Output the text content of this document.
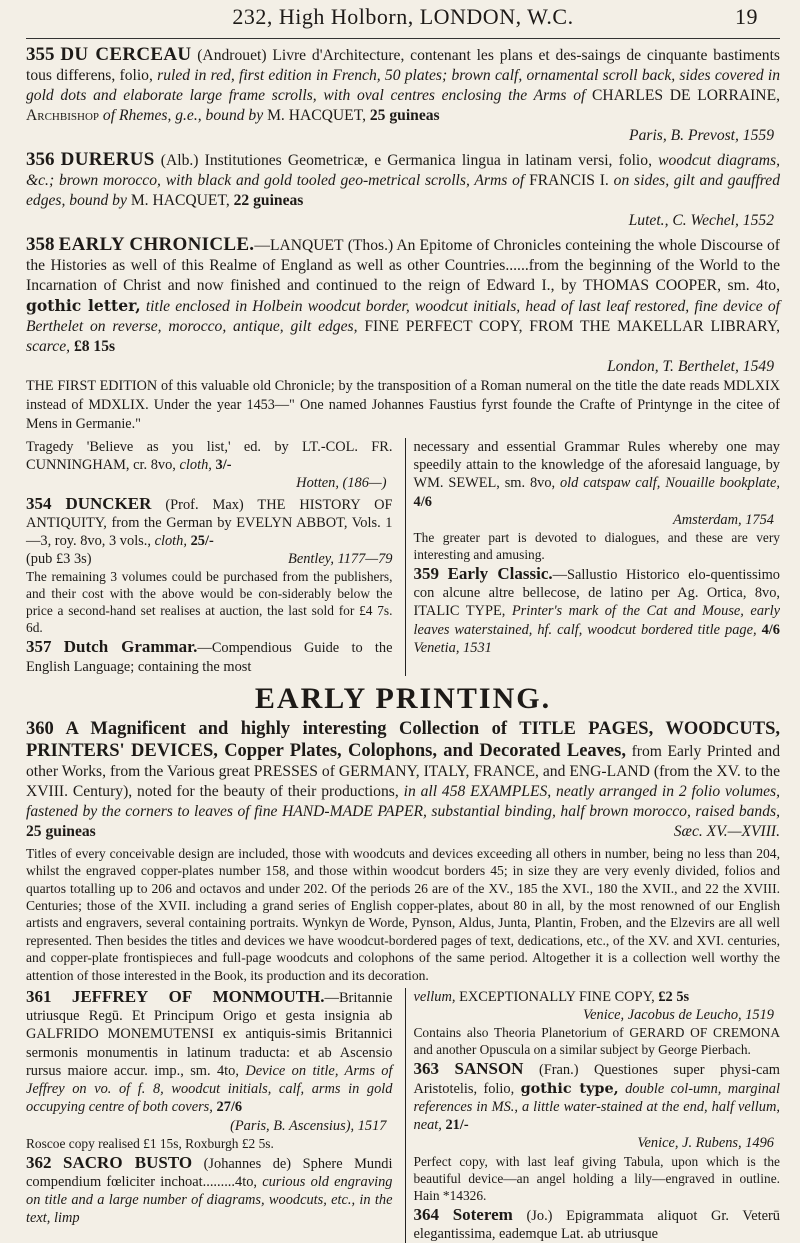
232, High Holborn, LONDON, W.C.	19

355 DU CERCEAU (Androuet) Livre d'Architecture, contenant les plans et des-saings de cinquante bastiments tous differens, folio, ruled in red, first edition in French, 50 plates; brown calf, ornamental scroll back, sides covered in gold dots and elaborate large frame scrolls, with oval centres enclosing the Arms of CHARLES DE LORRAINE, Archbishop of Rhemes, g.e., bound by M. HACQUET, 25 guineas
Paris, B. Prevost, 1559

356 DURERUS (Alb.) Institutiones Geometricæ, e Germanica lingua in latinam versi, folio, woodcut diagrams, &c.; brown morocco, with black and gold tooled geo-metrical scrolls, Arms of FRANCIS I. on sides, gilt and gauffred edges, bound by M. HACQUET, 22 guineas
Lutet., C. Wechel, 1552

358 EARLY CHRONICLE.—LANQUET (Thos.) An Epitome of Chronicles conteining the whole Discourse of the Histories as well of this Realme of England as well as other Countries......from the beginning of the World to the Incarnation of Christ and now finished and continued to the reign of Edward I., by THOMAS COOPER, sm. 4to, gothic letter, title enclosed in Holbein woodcut border, woodcut initials, head of last leaf restored, fine device of Berthelet on reverse, morocco, antique, gilt edges, FINE PERFECT COPY, FROM THE MAKELLAR LIBRARY, scarce, £8 15s
London, T. Berthelet, 1549

THE FIRST EDITION of this valuable old Chronicle; by the transposition of a Roman numeral on the title the date reads MDLXIX instead of MDXLIX. Under the year 1453—" One named Johannes Faustius fyrst founde the Crafte of Printynge in the citee of Mens in Germanie."

Tragedy 'Believe as you list,' ed. by LT.-COL. FR. CUNNINGHAM, cr. 8vo, cloth, 3/-
Hotten, (186—)

354 DUNCKER (Prof. Max) THE HISTORY OF ANTIQUITY, from the German by EVELYN ABBOT, Vols. 1—3, roy. 8vo, 3 vols., cloth, 25/-
(pub £3 3s)	Bentley, 1177—79

The remaining 3 volumes could be purchased from the publishers, and their cost with the above would be con-siderably below the price a second-hand set realises at auction, the last sold for £4 7s. 6d.

357 Dutch Grammar.—Compendious Guide to the English Language; containing the most

necessary and essential Grammar Rules whereby one may speedily attain to the knowledge of the aforesaid language, by WM. SEWEL, sm. 8vo, old catspaw calf, Nouaille bookplate, 4/6
Amsterdam, 1754

The greater part is devoted to dialogues, and these are very interesting and amusing.

359 Early Classic.—Sallustio Historico elo-quentissimo con alcune altre bellecose, de latino per Ag. Ortica, 8vo, ITALIC TYPE, Printer's mark of the Cat and Mouse, early leaves waterstained, hf. calf, woodcut bordered title page, 4/6 Venetia, 1531

EARLY PRINTING.

360 A Magnificent and highly interesting Collection of TITLE PAGES, WOODCUTS, PRINTERS' DEVICES, Copper Plates, Colophons, and Decorated Leaves, from Early Printed and other Works, from the Various great PRESSES of GERMANY, ITALY, FRANCE, and ENG-LAND (from the XV. to the XVIII. Century), noted for the beauty of their productions, in all 458 EXAMPLES, neatly arranged in 2 folio volumes, fastened by the corners to leaves of fine HAND-MADE PAPER, substantial binding, half brown morocco, raised bands, 25 guineas	Sæc. XV.—XVIII.

Titles of every conceivable design are included, those with woodcuts and devices exceeding all others in number, being no less than 204, whilst the engraved copper-plates number 158, and those within woodcut borders 45; in size they are very evenly divided, folios and quartos totalling up to 206 and octavos and under 202. Of the periods 26 are of the XV., 185 the XVI., 180 the XVII., and 22 the XVIII. Centuries; those of the XVII. including a grand series of English copper-plates, about 80 in all, by the most renowned of our English artists and engravers, several containing portraits. Wynkyn de Worde, Pynson, Aldus, Junta, Plantin, Froben, and the Elzevirs are all well represented. Then besides the titles and devices we have woodcut-bordered pages of text, dedications, etc., of the XV. and XVI. centuries, and copper-plate frontispieces and full-page woodcuts and colophons of the same period. Altogether it is a collection well worthy the attention of those interested in the Book, its production and its decoration.

361 JEFFREY OF MONMOUTH.—Britannie utriusque Regū. Et Principum Origo et gesta insignia ab GALFRIDO MONEMUTENSI ex antiquis-simis Britannici sermonis monumentis in latinum traducta: et ab Ascensio rursus maiore accur. imp., sm. 4to, Device on title, Arms of Jeffrey on vo. of f. 8, woodcut initials, calf, arms in gold occupying centre of both covers, 27/6
(Paris, B. Ascensius), 1517

Roscoe copy realised £1 15s, Roxburgh £2 5s.

362 SACRO BUSTO (Johannes de) Sphere Mundi compendium fœliciter inchoat.........4to, curious old engraving on title and a large number of diagrams, woodcuts, etc., in the text, limp

vellum, EXCEPTIONALLY FINE COPY, £2 5s
Venice, Jacobus de Leucho, 1519

Contains also Theoria Planetorium of GERARD OF CREMONA and another Opuscula on a similar subject by George Pierbach.

363 SANSON (Fran.) Questiones super physi-cam Aristotelis, folio, gothic type, double col-umn, marginal references in MS., a little water-stained at the end, half vellum, neat, 21/-
Venice, J. Rubens, 1496

Perfect copy, with last leaf giving Tabula, upon which is the beautiful device—an angel holding a lily—engraved in outline. Hain *14326.

364 Soterem (Jo.) Epigrammata aliquot Gr. Veterū elegantissima, eademque Lat. ab utriusque
